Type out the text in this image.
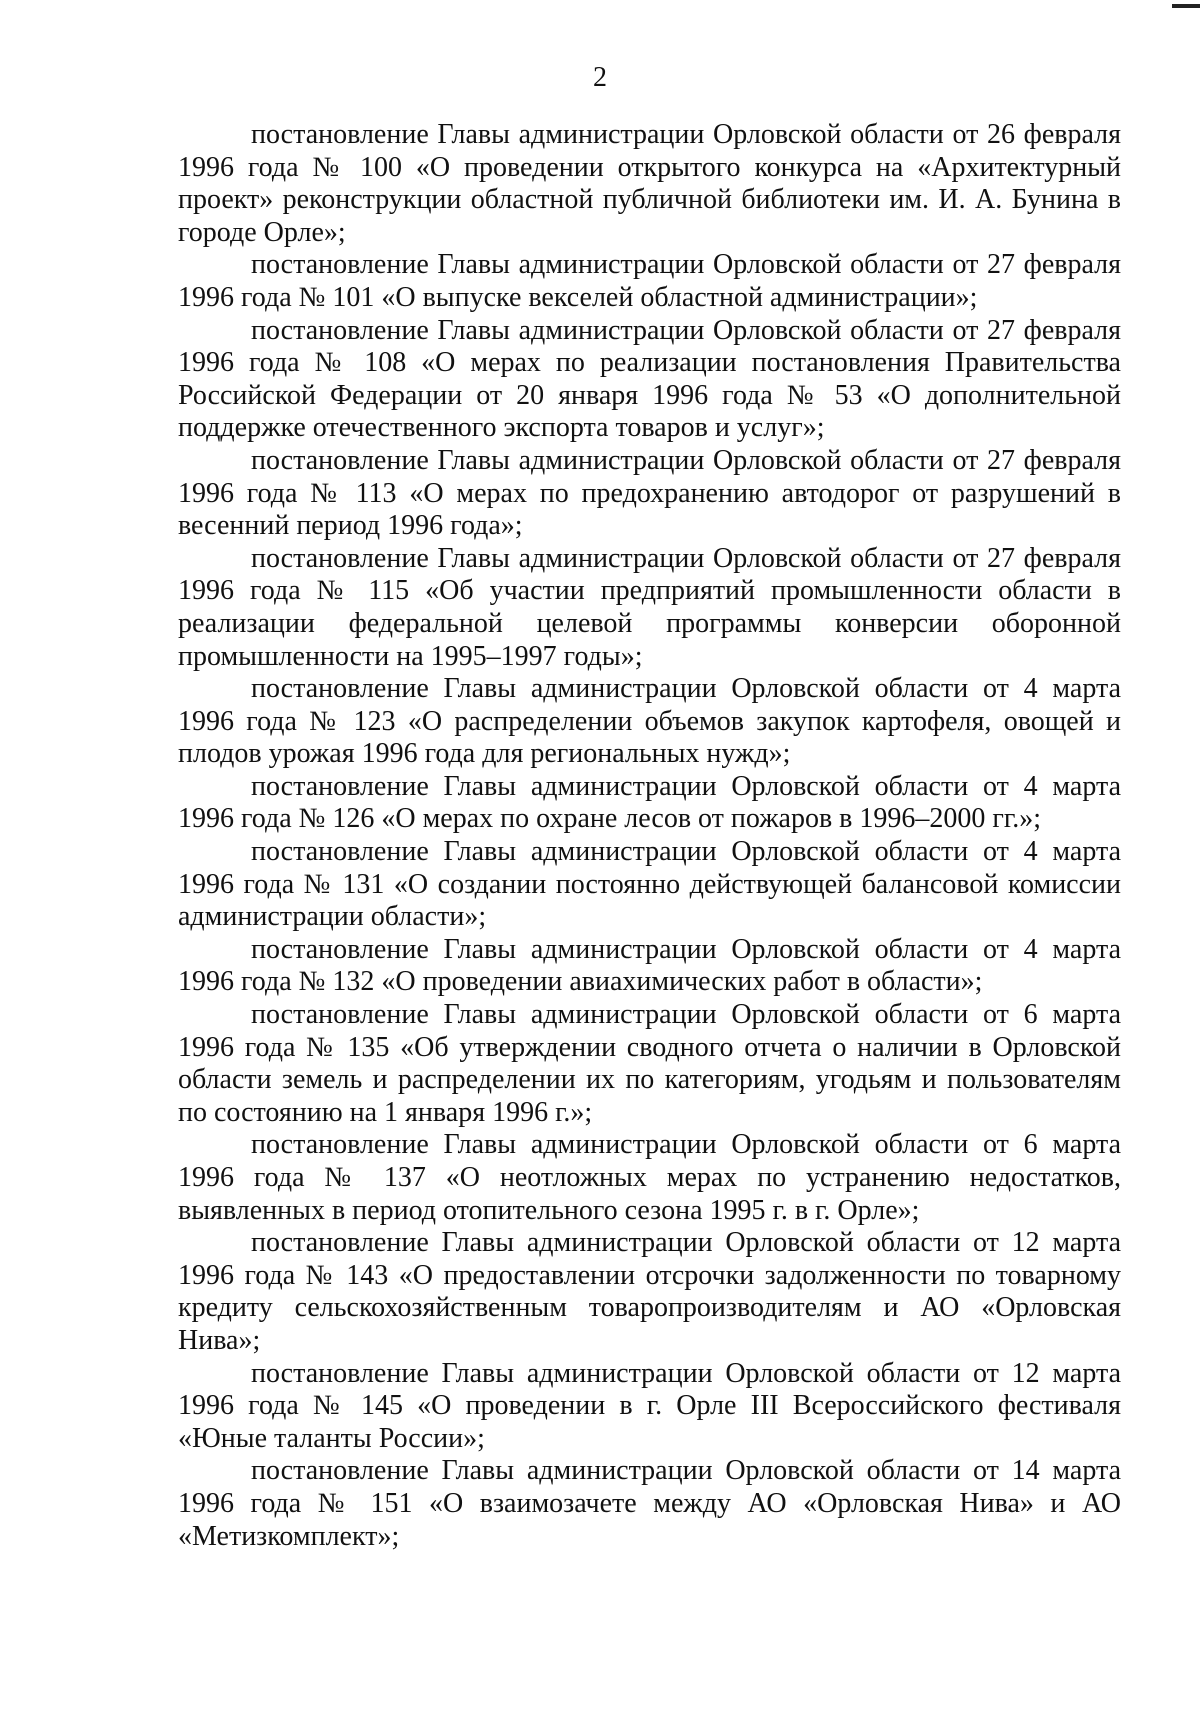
2

постановление Главы администрации Орловской области от 26 февраля 1996 года № 100 «О проведении открытого конкурса на «Архитектурный проект» реконструкции областной публичной библиотеки им. И. А. Бунина в городе Орле»;

постановление Главы администрации Орловской области от 27 февраля 1996 года № 101 «О выпуске векселей областной администрации»;

постановление Главы администрации Орловской области от 27 февраля 1996 года № 108 «О мерах по реализации постановления Правительства Российской Федерации от 20 января 1996 года № 53 «О дополнительной поддержке отечественного экспорта товаров и услуг»;

постановление Главы администрации Орловской области от 27 февраля 1996 года № 113 «О мерах по предохранению автодорог от разрушений в весенний период 1996 года»;

постановление Главы администрации Орловской области от 27 февраля 1996 года № 115 «Об участии предприятий промышленности области в реализации федеральной целевой программы конверсии оборонной промышленности на 1995–1997 годы»;

постановление Главы администрации Орловской области от 4 марта 1996 года № 123 «О распределении объемов закупок картофеля, овощей и плодов урожая 1996 года для региональных нужд»;

постановление Главы администрации Орловской области от 4 марта 1996 года № 126 «О мерах по охране лесов от пожаров в 1996–2000 гг.»;

постановление Главы администрации Орловской области от 4 марта 1996 года № 131 «О создании постоянно действующей балансовой комиссии администрации области»;

постановление Главы администрации Орловской области от 4 марта 1996 года № 132 «О проведении авиахимических работ в области»;

постановление Главы администрации Орловской области от 6 марта 1996 года № 135 «Об утверждении сводного отчета о наличии в Орловской области земель и распределении их по категориям, угодьям и пользователям по состоянию на 1 января 1996 г.»;

постановление Главы администрации Орловской области от 6 марта 1996 года № 137 «О неотложных мерах по устранению недостатков, выявленных в период отопительного сезона 1995 г. в г. Орле»;

постановление Главы администрации Орловской области от 12 марта 1996 года № 143 «О предоставлении отсрочки задолженности по товарному кредиту сельскохозяйственным товаропроизводителям и АО «Орловская Нива»;

постановление Главы администрации Орловской области от 12 марта 1996 года № 145 «О проведении в г. Орле III Всероссийского фестиваля «Юные таланты России»;

постановление Главы администрации Орловской области от 14 марта 1996 года № 151 «О взаимозачете между АО «Орловская Нива» и АО «Метизкомплект»;
